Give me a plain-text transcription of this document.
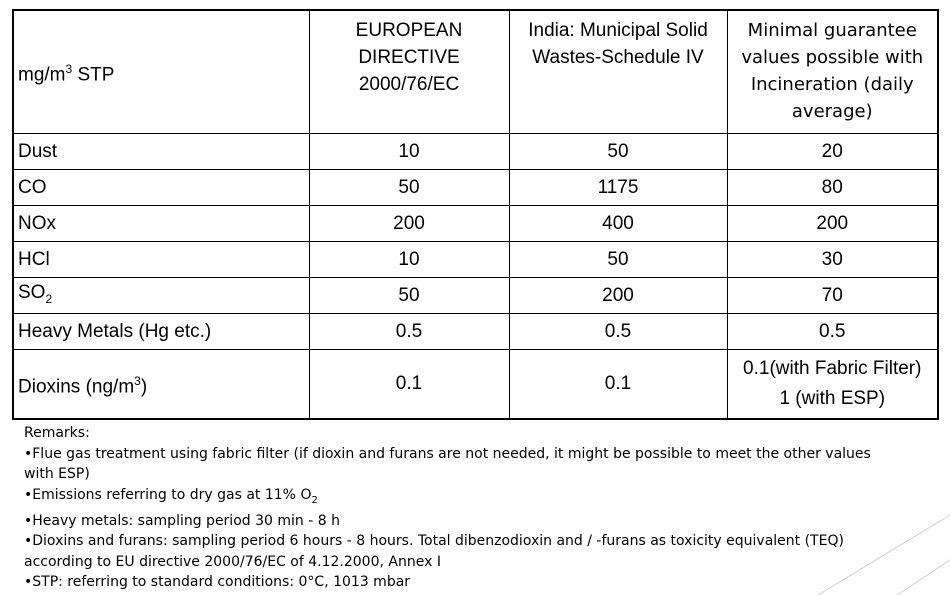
$mg/m^3$ STP	EUROPEAN DIRECTIVE 2000/76/EC	India: Municipal Solid Wastes-Schedule IV	Minimal guarantee values possible with Incineration (daily average)
Dust	10	50	20
CO	50	1175	80
NOx	200	400	200
HCl	10	50	30
$SO_2$	50	200	70
Heavy Metals (Hg etc.)	0.5	0.5	0.5
Dioxins $(ng/m^3)$	0.1	0.1	0.1(with Fabric Filter)
1 (with ESP)
Remarks:
•Flue gas treatment using fabric filter (if dioxin and furans are not needed, it might be possible to meet the other values
with ESP)
•Emissions referring to dry gas at 11% $O_2$
•Heavy metals: sampling period 30 min - 8 h
•Dioxins and furans: sampling period 6 hours - 8 hours. Total dibenzodioxin and / -furans as toxicity equivalent (TEQ)
according to EU directive 2000/76/EC of 4.12.2000, Annex I
•STP: referring to standard conditions: 0°C, 1013 mbar
